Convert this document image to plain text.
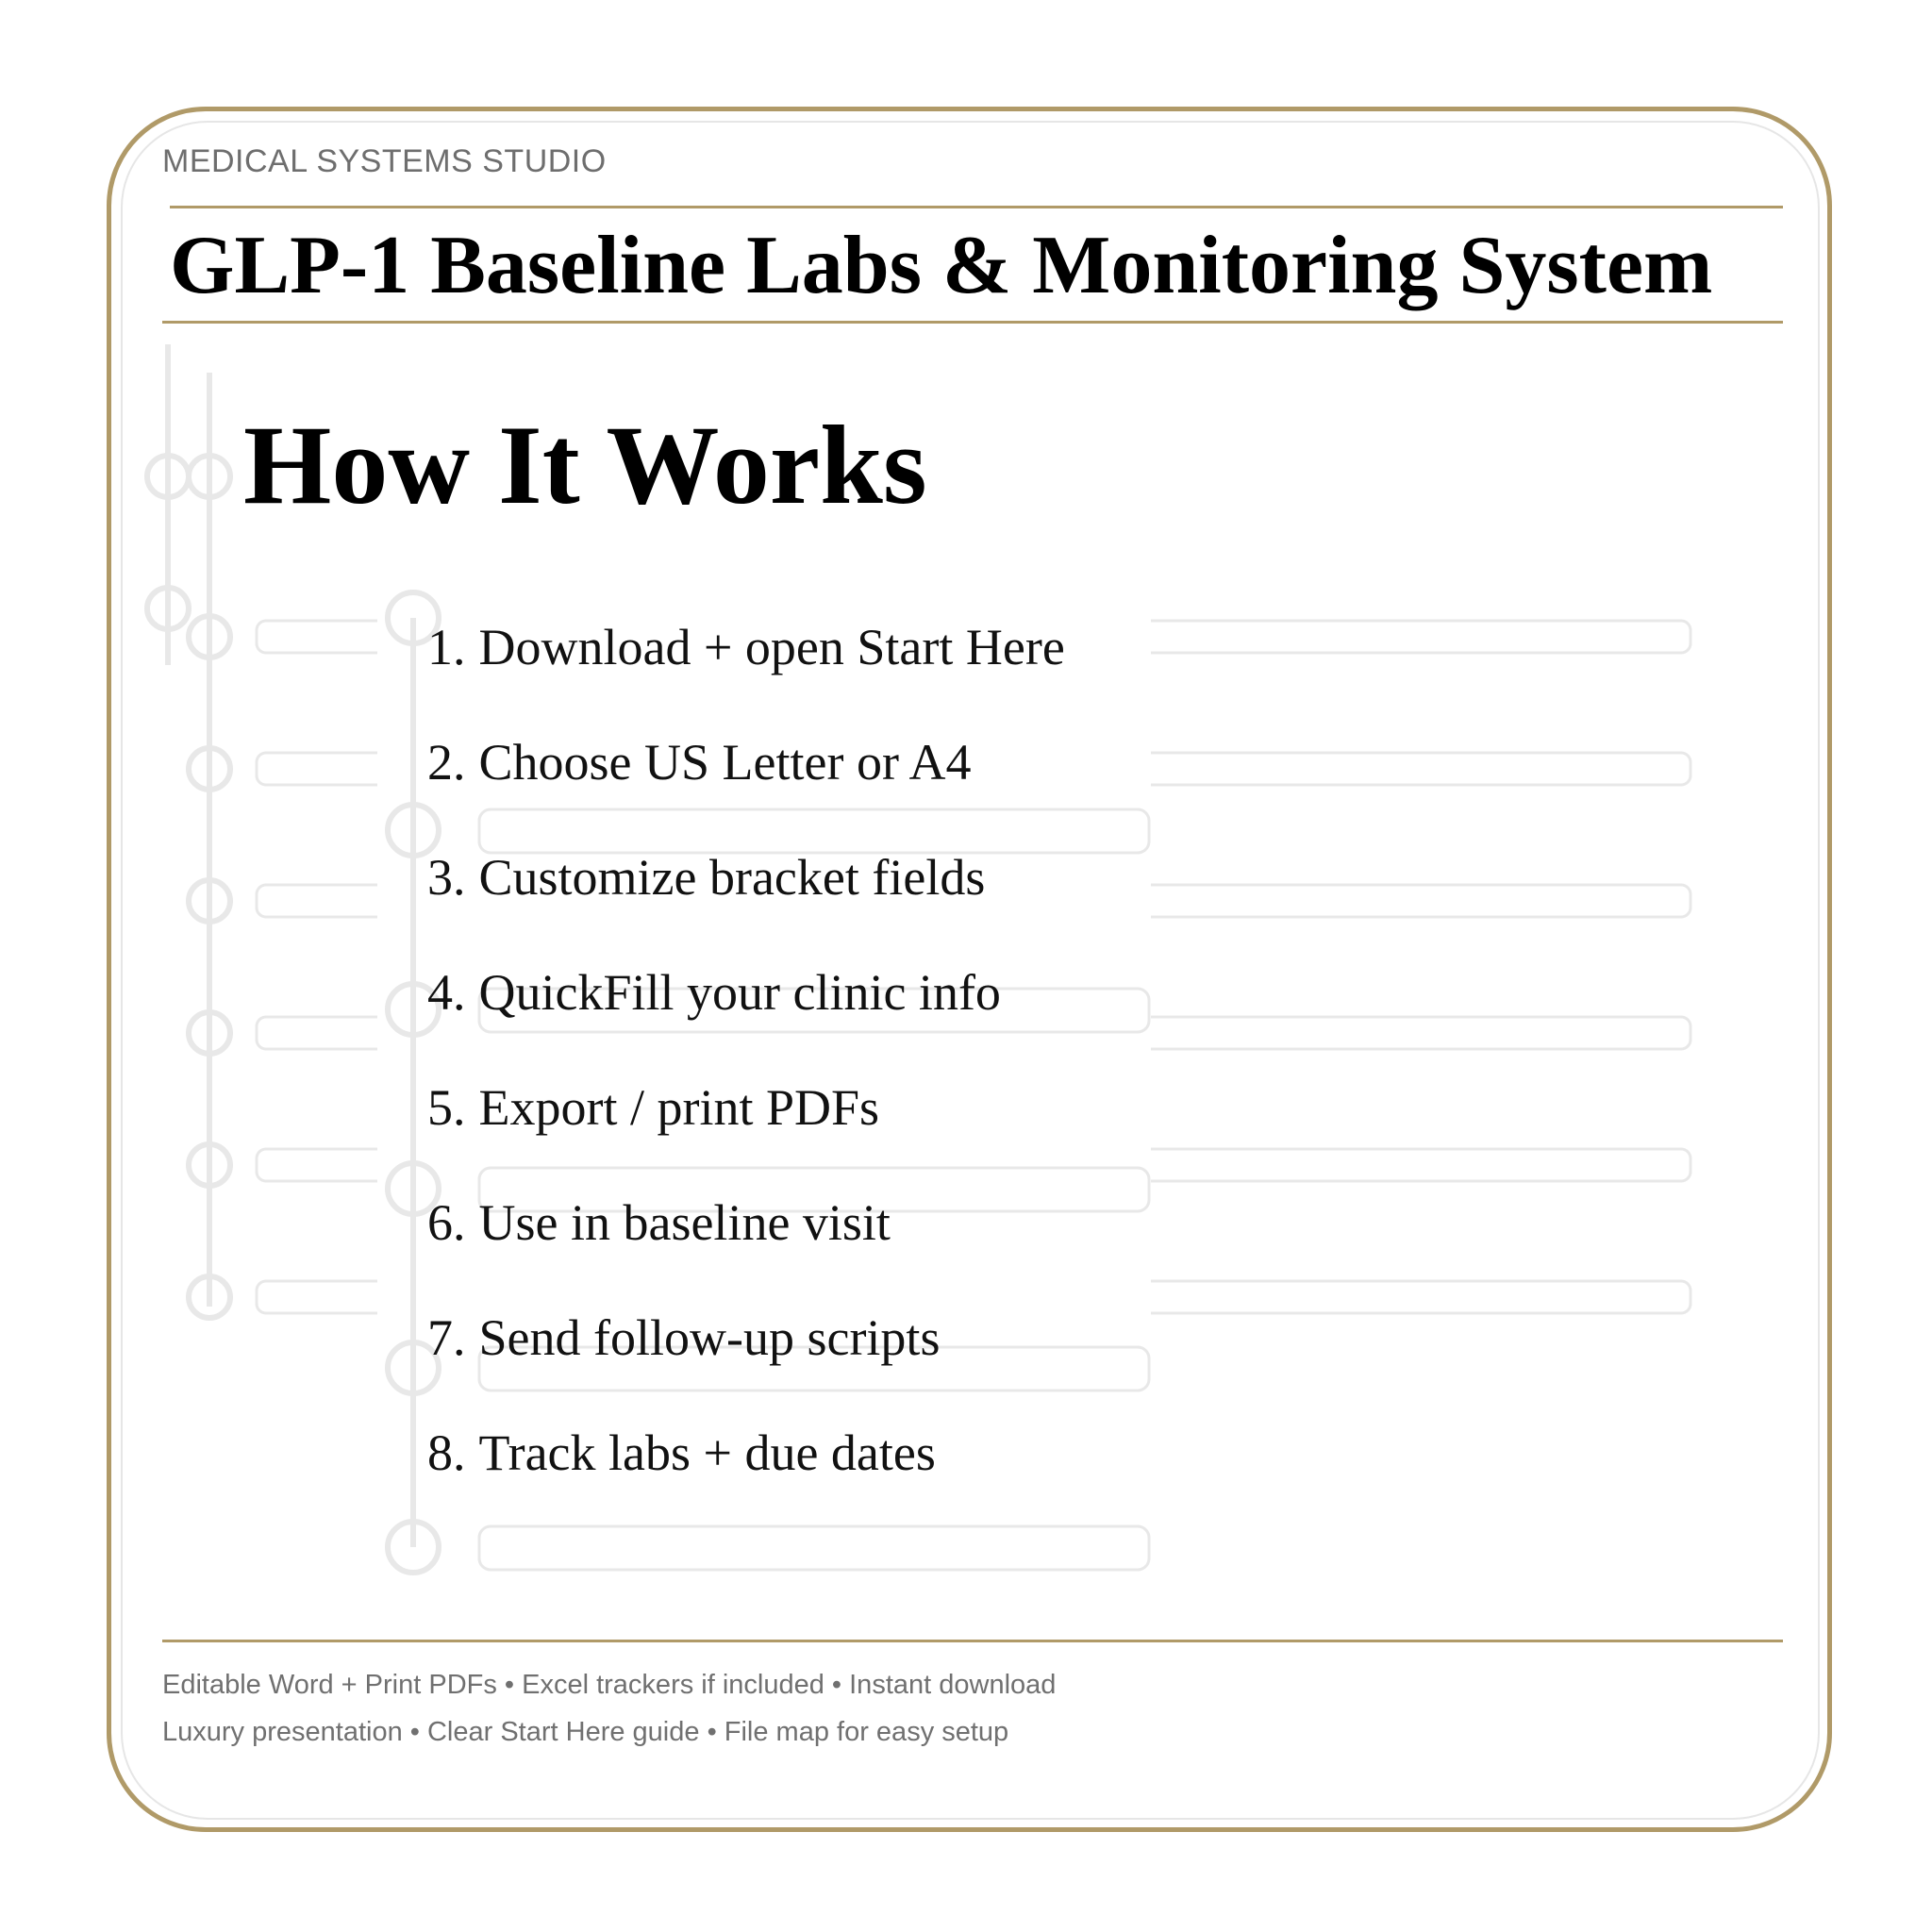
MEDICAL SYSTEMS STUDIO
GLP-1 Baseline Labs & Monitoring System
How It Works
1. Download + open Start Here
2. Choose US Letter or A4
3. Customize bracket fields
4. QuickFill your clinic info
5. Export / print PDFs
6. Use in baseline visit
7. Send follow-up scripts
8. Track labs + due dates
Editable Word + Print PDFs • Excel trackers if included • Instant download
Luxury presentation • Clear Start Here guide • File map for easy setup
